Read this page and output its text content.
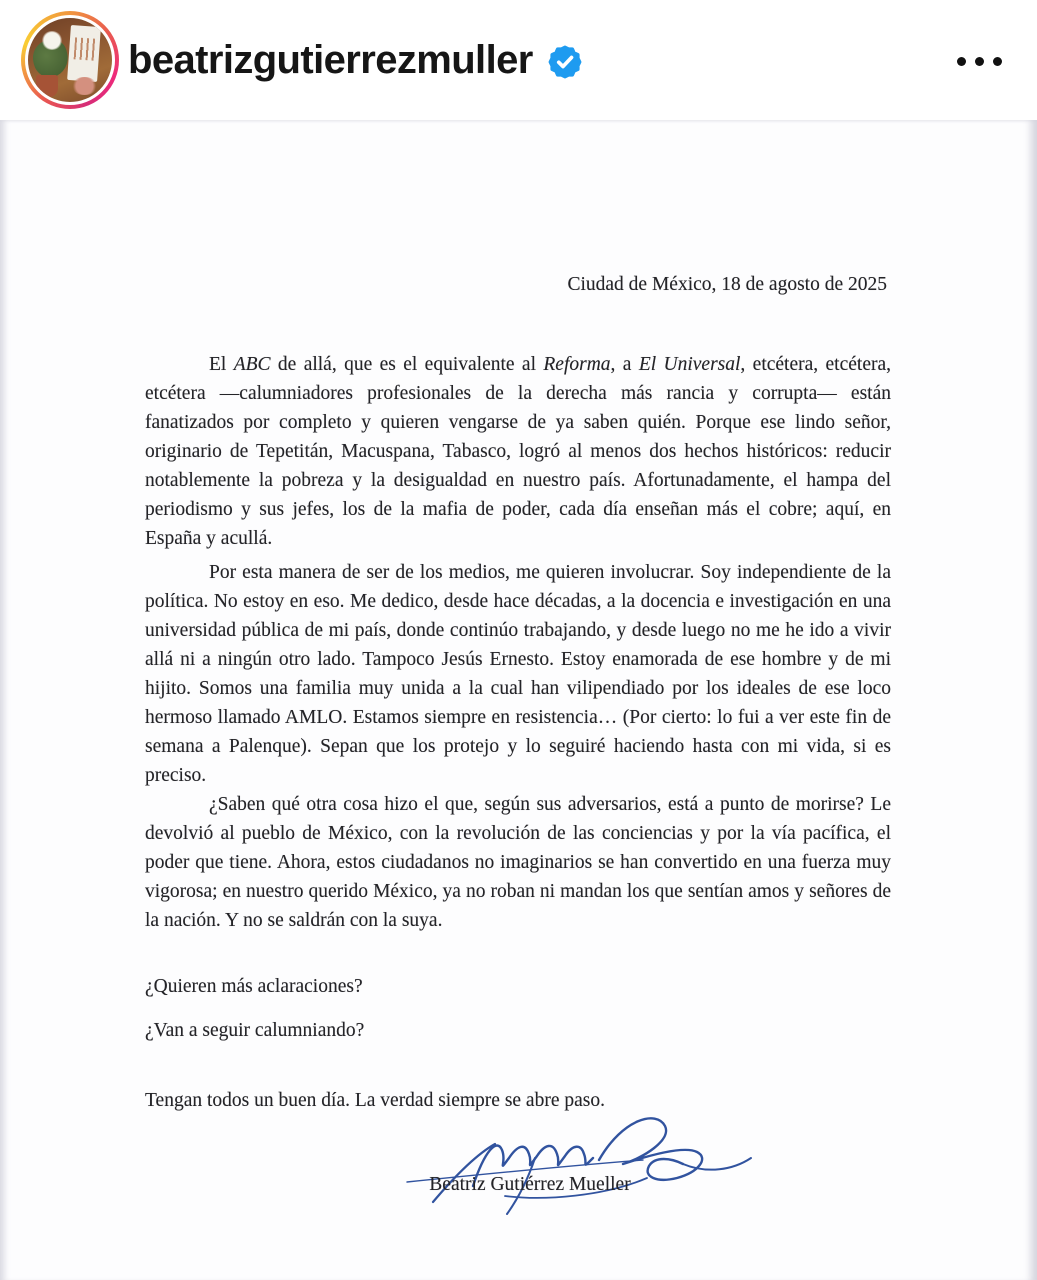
beatrizgutierrezmuller
Ciudad de México, 18 de agosto de 2025
El ABC de allá, que es el equivalente al Reforma, a El Universal, etcétera, etcétera, etcétera —calumniadores profesionales de la derecha más rancia y corrupta— están fanatizados por completo y quieren vengarse de ya saben quién. Porque ese lindo señor, originario de Tepetitán, Macuspana, Tabasco, logró al menos dos hechos históricos: reducir notablemente la pobreza y la desigualdad en nuestro país. Afortunadamente, el hampa del periodismo y sus jefes, los de la mafia de poder, cada día enseñan más el cobre; aquí, en España y acullá.
Por esta manera de ser de los medios, me quieren involucrar. Soy independiente de la política. No estoy en eso. Me dedico, desde hace décadas, a la docencia e investigación en una universidad pública de mi país, donde continúo trabajando, y desde luego no me he ido a vivir allá ni a ningún otro lado. Tampoco Jesús Ernesto. Estoy enamorada de ese hombre y de mi hijito. Somos una familia muy unida a la cual han vilipendiado por los ideales de ese loco hermoso llamado AMLO. Estamos siempre en resistencia… (Por cierto: lo fui a ver este fin de semana a Palenque). Sepan que los protejo y lo seguiré haciendo hasta con mi vida, si es preciso.
¿Saben qué otra cosa hizo el que, según sus adversarios, está a punto de morirse? Le devolvió al pueblo de México, con la revolución de las conciencias y por la vía pacífica, el poder que tiene. Ahora, estos ciudadanos no imaginarios se han convertido en una fuerza muy vigorosa; en nuestro querido México, ya no roban ni mandan los que sentían amos y señores de la nación. Y no se saldrán con la suya.
¿Quieren más aclaraciones?
¿Van a seguir calumniando?
Tengan todos un buen día. La verdad siempre se abre paso.
Beatriz Gutiérrez Mueller
